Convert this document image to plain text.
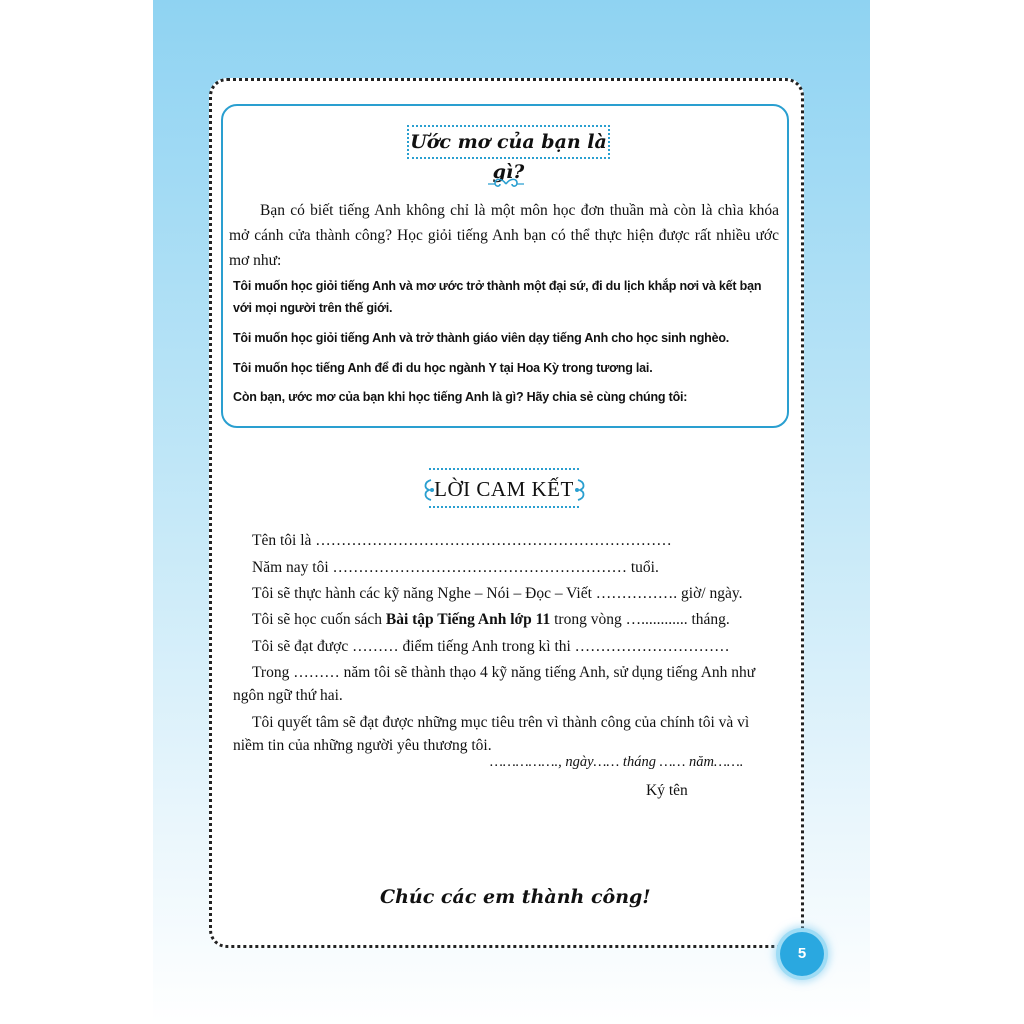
Ước mơ của bạn là gì?

  Bạn có biết tiếng Anh không chỉ là một môn học đơn thuần mà còn là chìa khóa mở cánh cửa thành công? Học giỏi tiếng Anh bạn có thể thực hiện được rất nhiều ước mơ như:

Tôi muốn học giỏi tiếng Anh và mơ ước trở thành một đại sứ, đi du lịch khắp nơi và kết bạn với mọi người trên thế giới.

Tôi muốn học giỏi tiếng Anh và trở thành giáo viên dạy tiếng Anh cho học sinh nghèo.

Tôi muốn học tiếng Anh để đi du học ngành Y tại Hoa Kỳ trong tương lai.

Còn bạn, ước mơ của bạn khi học tiếng Anh là gì? Hãy chia sẻ cùng chúng tôi:

LỜI CAM KẾT

Tên tôi là ……………………………………………………………

Năm nay tôi ………………………………………………… tuổi.

Tôi sẽ thực hành các kỹ năng Nghe – Nói – Đọc – Viết ……………. giờ/ ngày.

Tôi sẽ học cuốn sách Bài tập Tiếng Anh lớp 11 trong vòng …............ tháng.

Tôi sẽ đạt được ……… điểm tiếng Anh trong kì thi …………………………

Trong ……… năm tôi sẽ thành thạo 4 kỹ năng tiếng Anh, sử dụng tiếng Anh như

ngôn ngữ thứ hai.

Tôi quyết tâm sẽ đạt được những mục tiêu trên vì thành công của chính tôi và vì

niềm tin của những người yêu thương tôi.

……………., ngày…… tháng …… năm…….

Ký tên

Chúc các em thành công!

5
